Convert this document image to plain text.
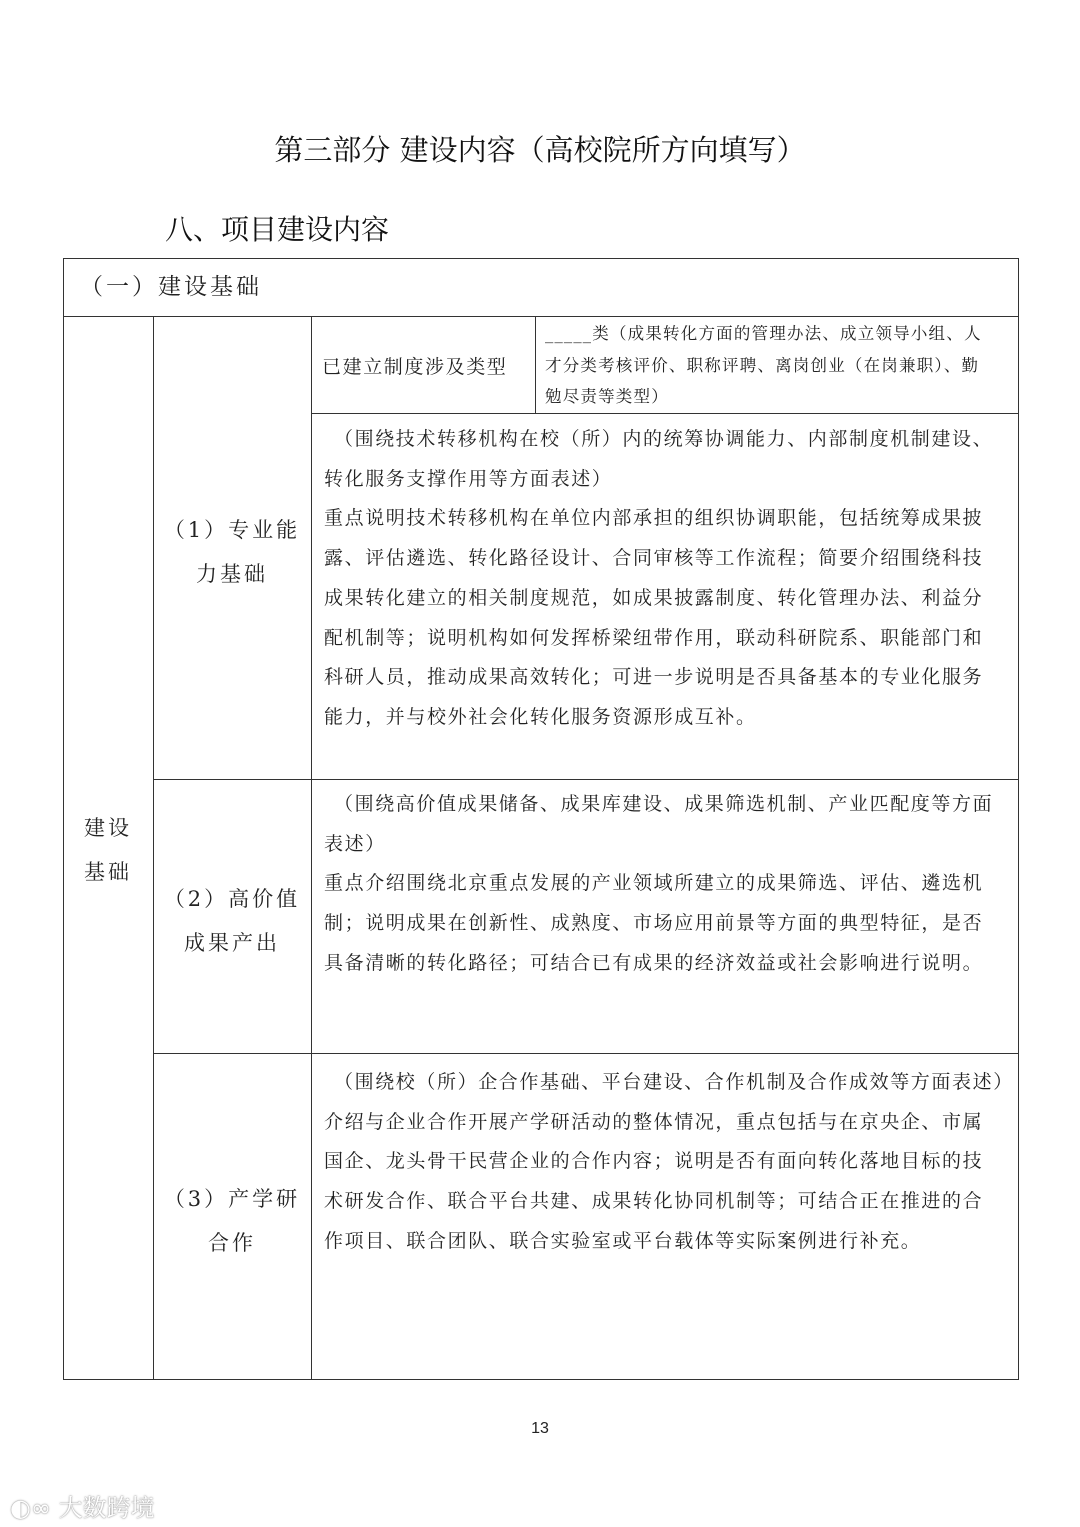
第三部分 建设内容（高校院所方向填写）
八、项目建设内容
（一）建设基础
建设
基础
已建立制度涉及类型
_____类（成果转化方面的管理办法、成立领导小组、人
才分类考核评价、职称评聘、离岗创业（在岗兼职）、勤
勉尽责等类型）
（1）专业能
力基础
（围绕技术转移机构在校（所）内的统筹协调能力、内部制度机制建设、
转化服务支撑作用等方面表述）
重点说明技术转移机构在单位内部承担的组织协调职能，包括统筹成果披
露、评估遴选、转化路径设计、合同审核等工作流程；简要介绍围绕科技
成果转化建立的相关制度规范，如成果披露制度、转化管理办法、利益分
配机制等；说明机构如何发挥桥梁纽带作用，联动科研院系、职能部门和
科研人员，推动成果高效转化；可进一步说明是否具备基本的专业化服务
能力，并与校外社会化转化服务资源形成互补。
（2）高价值
成果产出
（围绕高价值成果储备、成果库建设、成果筛选机制、产业匹配度等方面
表述）
重点介绍围绕北京重点发展的产业领域所建立的成果筛选、评估、遴选机
制；说明成果在创新性、成熟度、市场应用前景等方面的典型特征，是否
具备清晰的转化路径；可结合已有成果的经济效益或社会影响进行说明。
（3）产学研
合作
（围绕校（所）企合作基础、平台建设、合作机制及合作成效等方面表述）
介绍与企业合作开展产学研活动的整体情况，重点包括与在京央企、市属
国企、龙头骨干民营企业的合作内容；说明是否有面向转化落地目标的技
术研发合作、联合平台共建、成果转化协同机制等；可结合正在推进的合
作项目、联合团队、联合实验室或平台载体等实际案例进行补充。
13
◐∞ 大数跨境
